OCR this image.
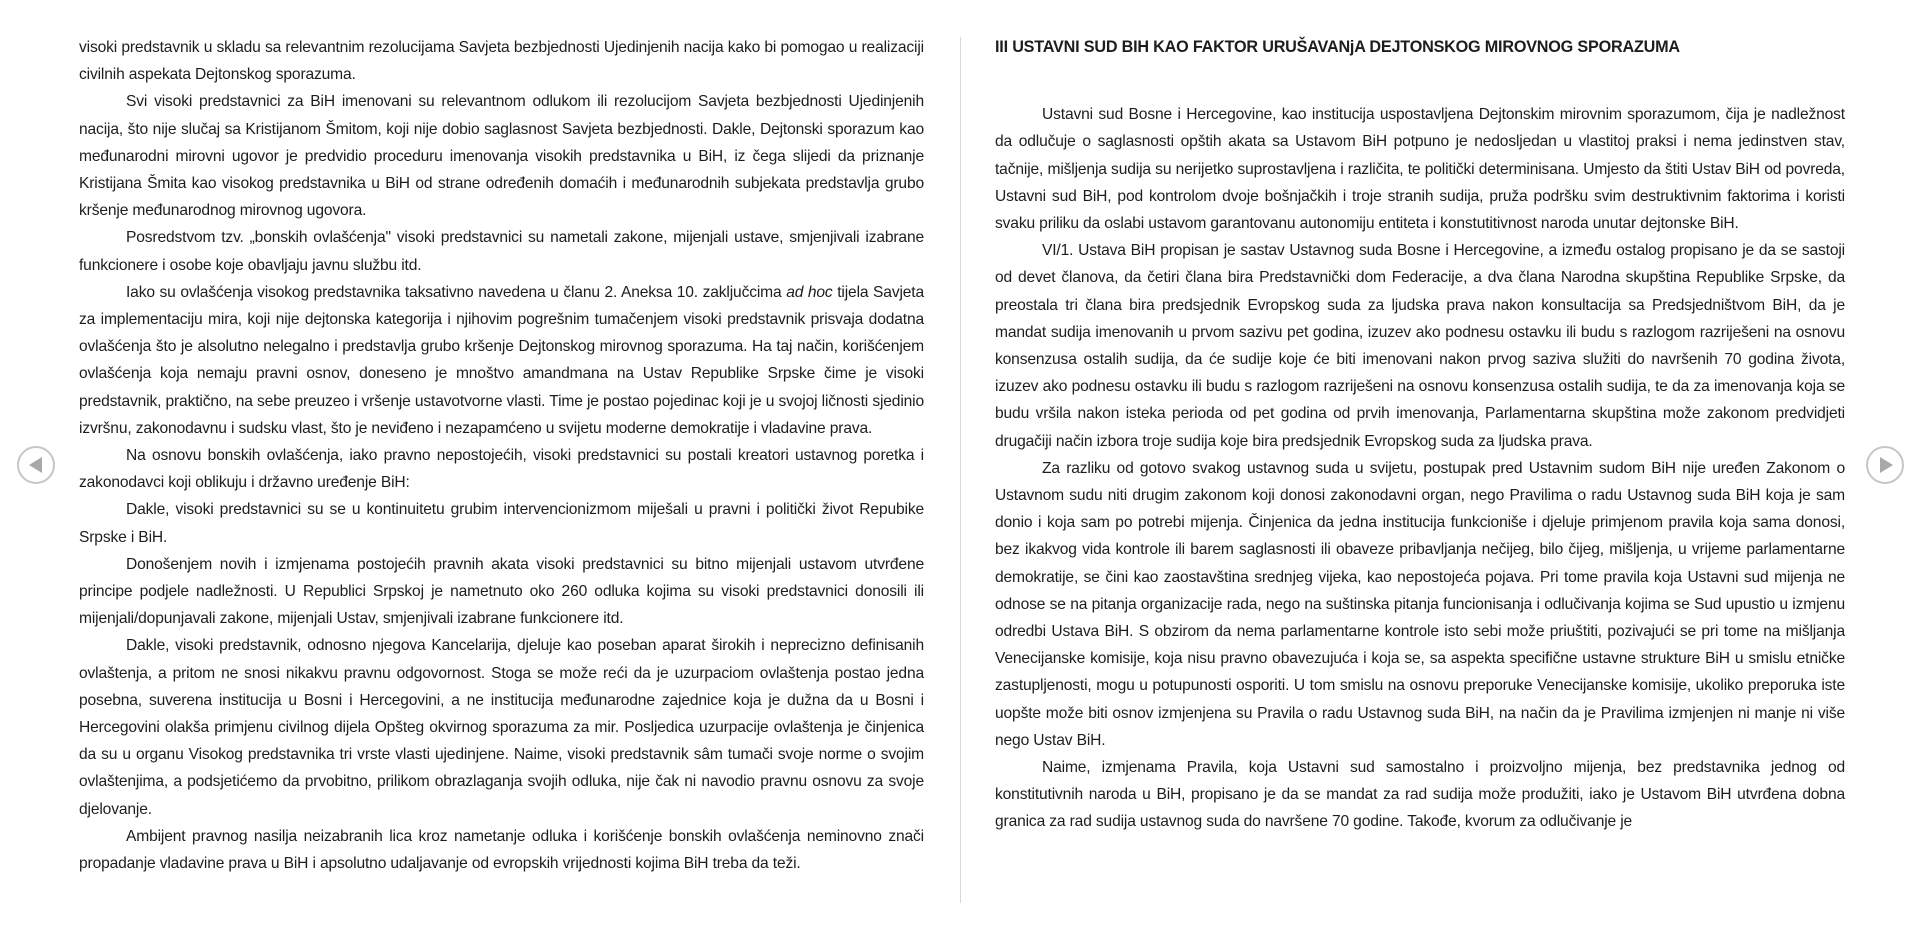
visoki predstavnik u skladu sa relevantnim rezolucijama Savjeta bezbjednosti Ujedinjenih nacija kako bi pomogao u realizaciji civilnih aspekata Dejtonskog sporazuma.

Svi visoki predstavnici za BiH imenovani su relevantnom odlukom ili rezolucijom Savjeta bezbjednosti Ujedinjenih nacija, što nije slučaj sa Kristijanom Šmitom, koji nije dobio saglasnost Savjeta bezbjednosti. Dakle, Dejtonski sporazum kao međunarodni mirovni ugovor je predvidio proceduru imenovanja visokih predstavnika u BiH, iz čega slijedi da priznanje Kristijana Šmita kao visokog predstavnika u BiH od strane određenih domaćih i međunarodnih subjekata predstavlja grubo kršenje međunarodnog mirovnog ugovora.

Posredstvom tzv. „bonskih ovlašćenja" visoki predstavnici su nametali zakone, mijenjali ustave, smjenjivali izabrane funkcionere i osobe koje obavljaju javnu službu itd.

Iako su ovlašćenja visokog predstavnika taksativno navedena u članu 2. Aneksa 10. zaključcima ad hoc tijela Savjeta za implementaciju mira, koji nije dejtonska kategorija i njihovim pogrešnim tumačenjem visoki predstavnik prisvaja dodatna ovlašćenja što je alsolutno nelegalno i predstavlja grubo kršenje Dejtonskog mirovnog sporazuma. Ha taj način, korišćenjem ovlašćenja koja nemaju pravni osnov, doneseno je mnoštvo amandmana na Ustav Republike Srpske čime je visoki predstavnik, praktično, na sebe preuzeo i vršenje ustavotvorne vlasti. Time je postao pojedinac koji je u svojoj ličnosti sjedinio izvršnu, zakonodavnu i sudsku vlast, što je neviđeno i nezapamćeno u svijetu moderne demokratije i vladavine prava.

Na osnovu bonskih ovlašćenja, iako pravno nepostojećih, visoki predstavnici su postali kreatori ustavnog poretka i zakonodavci koji oblikuju i državno uređenje BiH:

Dakle, visoki predstavnici su se u kontinuitetu grubim intervencionizmom miješali u pravni i politički život Repubike Srpske i BiH.

Donošenjem novih i izmjenama postojećih pravnih akata visoki predstavnici su bitno mijenjali ustavom utvrđene principe podjele nadležnosti. U Republici Srpskoj je nametnuto oko 260 odluka kojima su visoki predstavnici donosili ili mijenjali/dopunjavali zakone, mijenjali Ustav, smjenjivali izabrane funkcionere itd.

Dakle, visoki predstavnik, odnosno njegova Kancelarija, djeluje kao poseban aparat širokih i neprecizno definisanih ovlaštenja, a pritom ne snosi nikakvu pravnu odgovornost. Stoga se može reći da je uzurpaciom ovlaštenja postao jedna posebna, suverena institucija u Bosni i Hercegovini, a ne institucija međunarodne zajednice koja je dužna da u Bosni i Hercegovini olakša primjenu civilnog dijela Opšteg okvirnog sporazuma za mir. Posljedica uzurpacije ovlaštenja je činjenica da su u organu Visokog predstavnika tri vrste vlasti ujedinjene. Naime, visoki predstavnik sâm tumači svoje norme o svojim ovlaštenjima, a podsjetićemo da prvobitno, prilikom obrazlaganja svojih odluka, nije čak ni navodio pravnu osnovu za svoje djelovanje.

Ambijent pravnog nasilja neizabranih lica kroz nametanje odluka i korišćenje bonskih ovlašćenja neminovno znači propadanje vladavine prava u BiH i apsolutno udaljavanje od evropskih vrijednosti kojima BiH treba da teži.

III USTAVNI SUD BIH KAO FAKTOR URUŠAVANjA DEJTONSKOG MIROVNOG SPORAZUMA

Ustavni sud Bosne i Hercegovine, kao institucija uspostavljena Dejtonskim mirovnim sporazumom, čija je nadležnost da odlučuje o saglasnosti opštih akata sa Ustavom BiH potpuno je nedosljedan u vlastitoj praksi i nema jedinstven stav, tačnije, mišljenja sudija su nerijetko suprostavljena i različita, te politički determinisana. Umjesto da štiti Ustav BiH od povreda, Ustavni sud BiH, pod kontrolom dvoje bošnjačkih i troje stranih sudija, pruža podršku svim destruktivnim faktorima i koristi svaku priliku da oslabi ustavom garantovanu autonomiju entiteta i konstutitivnost naroda unutar dejtonske BiH.

VI/1. Ustava BiH propisan je sastav Ustavnog suda Bosne i Hercegovine, a između ostalog propisano je da se sastoji od devet članova, da četiri člana bira Predstavnički dom Federacije, a dva člana Narodna skupština Republike Srpske, da preostala tri člana bira predsjednik Evropskog suda za ljudska prava nakon konsultacija sa Predsjedništvom BiH, da je mandat sudija imenovanih u prvom sazivu pet godina, izuzev ako podnesu ostavku ili budu s razlogom razriješeni na osnovu konsenzusa ostalih sudija, da će sudije koje će biti imenovani nakon prvog saziva služiti do navršenih 70 godina života, izuzev ako podnesu ostavku ili budu s razlogom razriješeni na osnovu konsenzusa ostalih sudija, te da za imenovanja koja se budu vršila nakon isteka perioda od pet godina od prvih imenovanja, Parlamentarna skupština može zakonom predvidjeti drugačiji način izbora troje sudija koje bira predsjednik Evropskog suda za ljudska prava.

Za razliku od gotovo svakog ustavnog suda u svijetu, postupak pred Ustavnim sudom BiH nije uređen Zakonom o Ustavnom sudu niti drugim zakonom koji donosi zakonodavni organ, nego Pravilima o radu Ustavnog suda BiH koja je sam donio i koja sam po potrebi mijenja. Činjenica da jedna institucija funkcioniše i djeluje primjenom pravila koja sama donosi, bez ikakvog vida kontrole ili barem saglasnosti ili obaveze pribavljanja nečijeg, bilo čijeg, mišljenja, u vrijeme parlamentarne demokratije, se čini kao zaostavština srednjeg vijeka, kao nepostojeća pojava. Pri tome pravila koja Ustavni sud mijenja ne odnose se na pitanja organizacije rada, nego na suštinska pitanja funcionisanja i odlučivanja kojima se Sud upustio u izmjenu odredbi Ustava BiH. S obzirom da nema parlamentarne kontrole isto sebi može priuštiti, pozivajući se pri tome na mišljanja Venecijanske komisije, koja nisu pravno obavezujuća i koja se, sa aspekta specifične ustavne strukture BiH u smislu etničke zastupljenosti, mogu u potupunosti osporiti. U tom smislu na osnovu preporuke Venecijanske komisije, ukoliko preporuka iste uopšte može biti osnov izmjenjena su Pravila o radu Ustavnog suda BiH, na način da je Pravilima izmjenjen ni manje ni više nego Ustav BiH.

Naime, izmjenama Pravila, koja Ustavni sud samostalno i proizvoljno mijenja, bez predstavnika jednog od konstitutivnih naroda u BiH, propisano je da se mandat za rad sudija može produžiti, iako je Ustavom BiH utvrđena dobna granica za rad sudija ustavnog suda do navršene 70 godine. Takođe, kvorum za odlučivanje je
